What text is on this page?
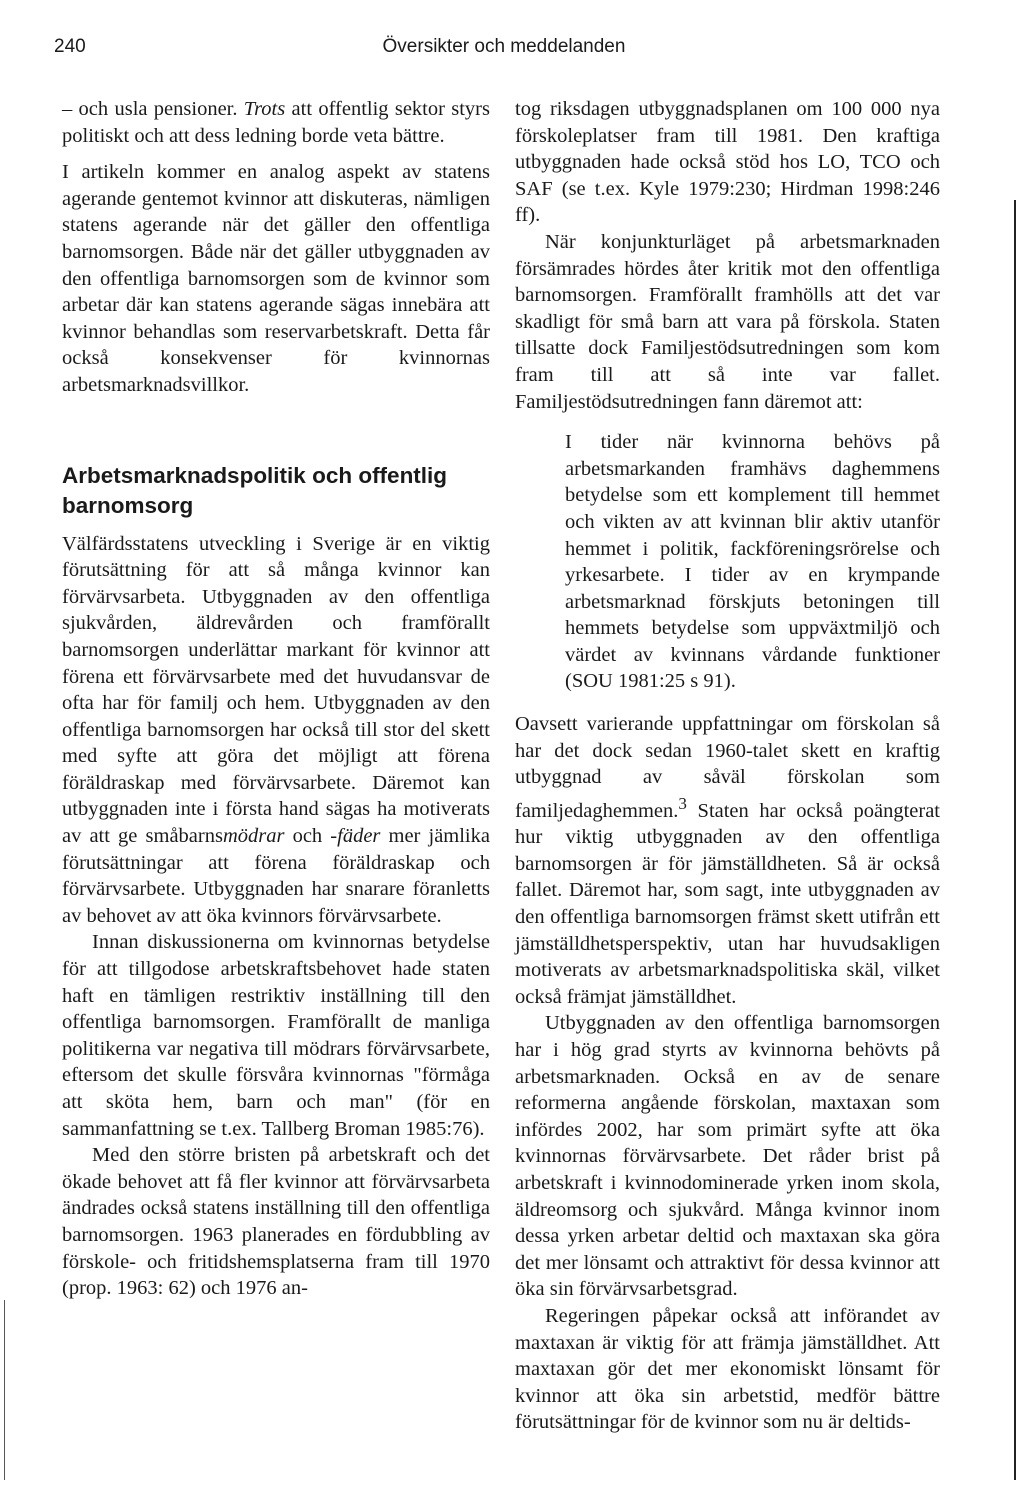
240	Översikter och meddelanden

– och usla pensioner. Trots att offentlig sektor styrs politiskt och att dess ledning borde veta bättre.

I artikeln kommer en analog aspekt av statens agerande gentemot kvinnor att diskuteras, nämligen statens agerande när det gäller den offentliga barnomsorgen. Både när det gäller utbyggnaden av den offentliga barnomsorgen som de kvinnor som arbetar där kan statens agerande sägas innebära att kvinnor behandlas som reservarbetskraft. Detta får också konsekvenser för kvinnornas arbetsmarknadsvillkor.

Arbetsmarknadspolitik och offentlig barnomsorg

Välfärdsstatens utveckling i Sverige är en viktig förutsättning för att så många kvinnor kan förvärvsarbeta. Utbyggnaden av den offentliga sjukvården, äldrevården och framförallt barnomsorgen underlättar markant för kvinnor att förena ett förvärvsarbete med det huvudansvar de ofta har för familj och hem. Utbyggnaden av den offentliga barnomsorgen har också till stor del skett med syfte att göra det möjligt att förena föräldraskap med förvärvsarbete. Däremot kan utbyggnaden inte i första hand sägas ha motiverats av att ge småbarnsmödrar och -fäder mer jämlika förutsättningar att förena föräldraskap och förvärvsarbete. Utbyggnaden har snarare föranletts av behovet av att öka kvinnors förvärvsarbete.

Innan diskussionerna om kvinnornas betydelse för att tillgodose arbetskraftsbehovet hade staten haft en tämligen restriktiv inställning till den offentliga barnomsorgen. Framförallt de manliga politikerna var negativa till mödrars förvärvsarbete, eftersom det skulle försvåra kvinnornas "förmåga att sköta hem, barn och man" (för en sammanfattning se t.ex. Tallberg Broman 1985:76).

Med den större bristen på arbetskraft och det ökade behovet att få fler kvinnor att förvärvsarbeta ändrades också statens inställning till den offentliga barnomsorgen. 1963 planerades en fördubbling av förskole- och fritidshemsplatserna fram till 1970 (prop. 1963: 62) och 1976 an-

tog riksdagen utbyggnadsplanen om 100 000 nya förskoleplatser fram till 1981. Den kraftiga utbyggnaden hade också stöd hos LO, TCO och SAF (se t.ex. Kyle 1979:230; Hirdman 1998:246 ff).

När konjunkturläget på arbetsmarknaden försämrades hördes åter kritik mot den offentliga barnomsorgen. Framförallt framhölls att det var skadligt för små barn att vara på förskola. Staten tillsatte dock Familjestödsutredningen som kom fram till att så inte var fallet. Familjestödsutredningen fann däremot att:

I tider när kvinnorna behövs på arbetsmarkanden framhävs daghemmens betydelse som ett komplement till hemmet och vikten av att kvinnan blir aktiv utanför hemmet i politik, fackföreningsrörelse och yrkesarbete. I tider av en krympande arbetsmarknad förskjuts betoningen till hemmets betydelse som uppväxtmiljö och värdet av kvinnans vårdande funktioner (SOU 1981:25 s 91).

Oavsett varierande uppfattningar om förskolan så har det dock sedan 1960-talet skett en kraftig utbyggnad av såväl förskolan som familjedaghemmen.$^3$ Staten har också poängterat hur viktig utbyggnaden av den offentliga barnomsorgen är för jämställdheten. Så är också fallet. Däremot har, som sagt, inte utbyggnaden av den offentliga barnomsorgen främst skett utifrån ett jämställdhetsperspektiv, utan har huvudsakligen motiverats av arbetsmarknadspolitiska skäl, vilket också främjat jämställdhet.

Utbyggnaden av den offentliga barnomsorgen har i hög grad styrts av kvinnorna behövts på arbetsmarknaden. Också en av de senare reformerna angående förskolan, maxtaxan som infördes 2002, har som primärt syfte att öka kvinnornas förvärvsarbete. Det råder brist på arbetskraft i kvinnodominerade yrken inom skola, äldreomsorg och sjukvård. Många kvinnor inom dessa yrken arbetar deltid och maxtaxan ska göra det mer lönsamt och attraktivt för dessa kvinnor att öka sin förvärvsarbetsgrad.

Regeringen påpekar också att införandet av maxtaxan är viktig för att främja jämställdhet. Att maxtaxan gör det mer ekonomiskt lönsamt för kvinnor att öka sin arbetstid, medför bättre förutsättningar för de kvinnor som nu är deltids-
